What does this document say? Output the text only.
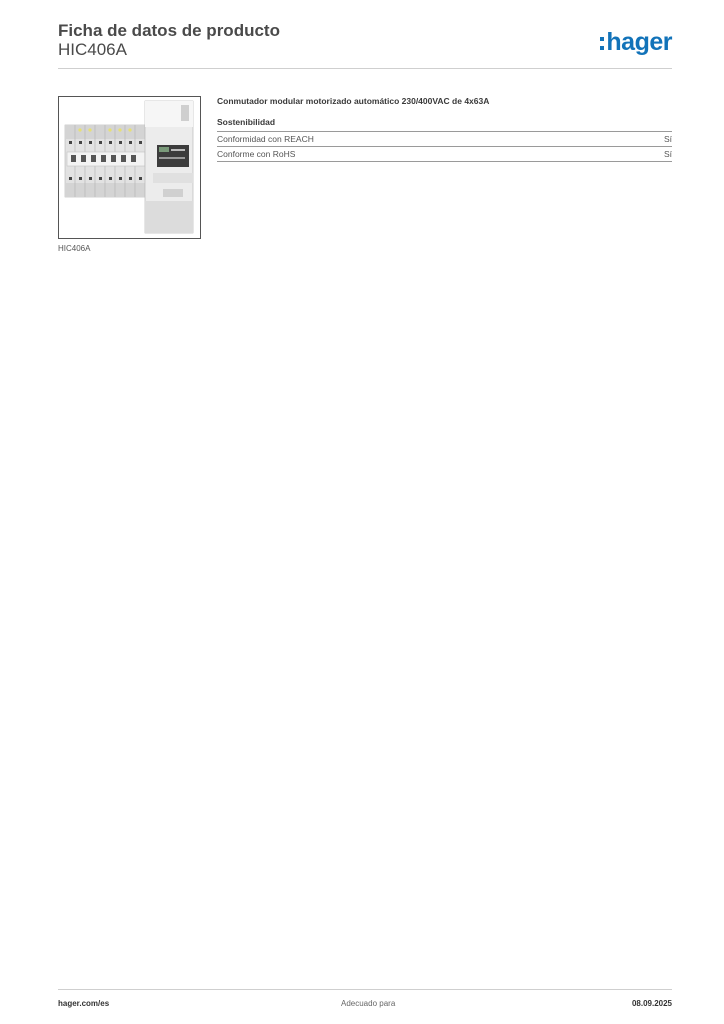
Ficha de datos de producto
HIC406A	hager
HIC406A
Conmutador modular motorizado automático 230/400VAC de 4x63A
Sostenibilidad
Conformidad con REACH	Sí
Conforme con RoHS	Sí
hager.com/es	Adecuado para	08.09.2025
